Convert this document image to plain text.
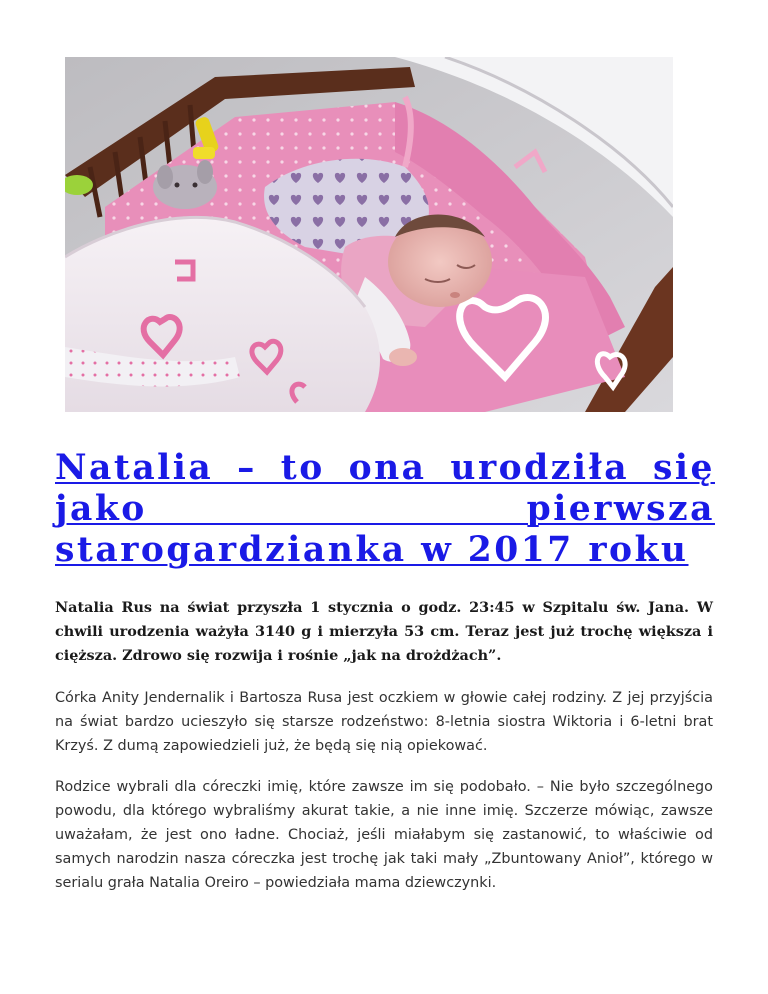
Natalia – to ona urodziła się jako pierwsza starogardzianka w 2017 roku

Natalia Rus na świat przyszła 1 stycznia o godz. 23:45 w Szpitalu św. Jana. W chwili urodzenia ważyła 3140 g i mierzyła 53 cm. Teraz jest już trochę większa i cięższa. Zdrowo się rozwija i rośnie „jak na drożdżach”.

Córka Anity Jendernalik i Bartosza Rusa jest oczkiem w głowie całej rodziny. Z jej przyjścia na świat bardzo ucieszyło się starsze rodzeństwo: 8-letnia siostra Wiktoria i 6-letni brat Krzyś. Z dumą zapowiedzieli już, że będą się nią opiekować.

Rodzice wybrali dla córeczki imię, które zawsze im się podobało. – Nie było szczególnego powodu, dla którego wybraliśmy akurat takie, a nie inne imię. Szczerze mówiąc, zawsze uważałam, że jest ono ładne. Chociaż, jeśli miałabym się zastanowić, to właściwie od samych narodzin nasza córeczka jest trochę jak taki mały „Zbuntowany Anioł”, którego w serialu grała Natalia Oreiro – powiedziała mama dziewczynki.
